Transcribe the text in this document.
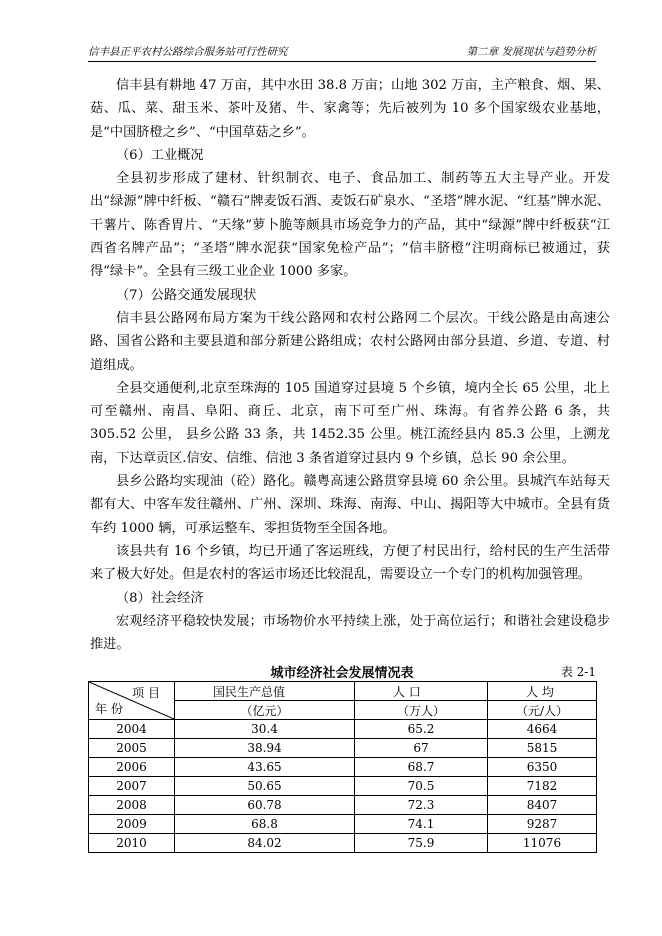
信丰县正平农村公路综合服务站可行性研究	第二章 发展现状与趋势分析

信丰县有耕地 47 万亩，其中水田 38.8 万亩；山地 302 万亩，主产粮食、烟、果、菇、瓜、菜、甜玉米、茶叶及猪、牛、家禽等；先后被列为 10 多个国家级农业基地，是“中国脐橙之乡”、“中国草菇之乡”。

（6）工业概况

全县初步形成了建材、针织制衣、电子、食品加工、制药等五大主导产业。开发出“绿源”牌中纤板、“赣石”牌麦饭石酒、麦饭石矿泉水、“圣塔”牌水泥、“红基”牌水泥、干薯片、陈香胃片、“天缘”萝卜脆等颇具市场竞争力的产品，其中“绿源”牌中纤板获“江西省名牌产品”；“圣塔”牌水泥获“国家免检产品”；“信丰脐橙”注明商标已被通过，获得“绿卡”。全县有三级工业企业 1000 多家。

（7）公路交通发展现状

信丰县公路网布局方案为干线公路网和农村公路网二个层次。干线公路是由高速公路、国省公路和主要县道和部分新建公路组成；农村公路网由部分县道、乡道、专道、村道组成。

全县交通便利,北京至珠海的 105 国道穿过县境 5 个乡镇，境内全长 65 公里，北上可至赣州、南昌、阜阳、商丘、北京，南下可至广州、珠海。有省养公路 6 条，共 305.52 公里， 县乡公路 33 条，共 1452.35 公里。桃江流经县内 85.3 公里，上溯龙南，下达章贡区.信安、信维、信池 3 条省道穿过县内 9 个乡镇，总长 90 余公里。

县乡公路均实现油（砼）路化。赣粤高速公路贯穿县境 60 余公里。县城汽车站每天都有大、中客车发往赣州、广州、深圳、珠海、南海、中山、揭阳等大中城市。全县有货车约 1000 辆，可承运整车、零担货物至全国各地。

该县共有 16 个乡镇，均已开通了客运班线，方便了村民出行，给村民的生产生活带来了极大好处。但是农村的客运市场还比较混乱，需要设立一个专门的机构加强管理。

（8）社会经济

宏观经济平稳较快发展；市场物价水平持续上涨，处于高位运行；和谐社会建设稳步推进。

城市经济社会发展情况表	表 2-1
项 目
年 份	国民生产总值	人 口	人 均
	（亿元）	（万人）	（元/人）
2004	30.4	65.2	4664
2005	38.94	67	5815
2006	43.65	68.7	6350
2007	50.65	70.5	7182
2008	60.78	72.3	8407
2009	68.8	74.1	9287
2010	84.02	75.9	11076
